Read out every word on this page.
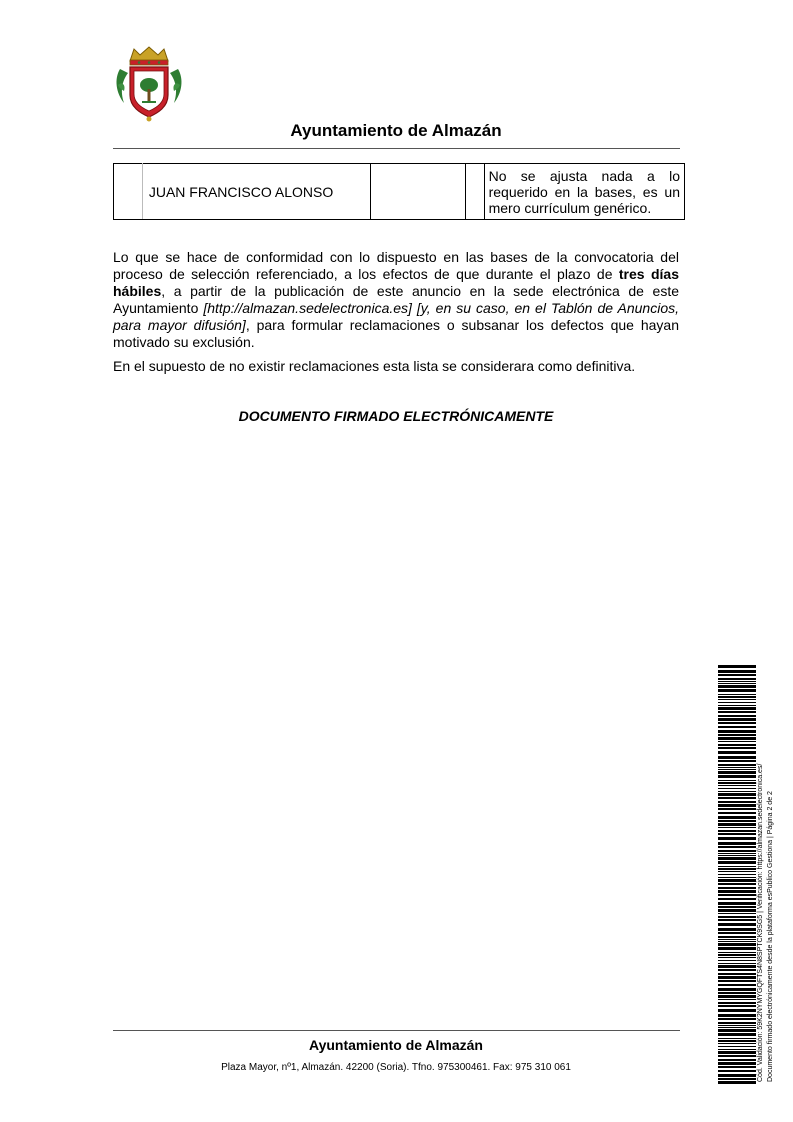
Ayuntamiento de Almazán
	JUAN FRANCISCO ALONSO			No se ajusta nada a lo requerido en la bases, es un mero currículum genérico.
Lo que se hace de conformidad con lo dispuesto en las bases de la convocatoria del proceso de selección referenciado, a los efectos de que durante el plazo de tres días hábiles, a partir de la publicación de este anuncio en la sede electrónica de este Ayuntamiento [http://almazan.sedelectronica.es] [y, en su caso, en el Tablón de Anuncios, para mayor difusión], para formular reclamaciones o subsanar los defectos que hayan motivado su exclusión.
En el supuesto de no existir reclamaciones esta lista se considerara como definitiva.
DOCUMENTO FIRMADO ELECTRÓNICAMENTE
Ayuntamiento de Almazán
Plaza Mayor, nº1, Almazán. 42200 (Soria). Tfno. 975300461. Fax: 975 310 061	Cód. Validación: 59K2NYMYGQFTS4N8SPTCK9SG5 | Verificación: https://almazan.sedelectronica.es/ Documento firmado electrónicamente desde la plataforma esPublico Gestiona | Página 2 de 2
